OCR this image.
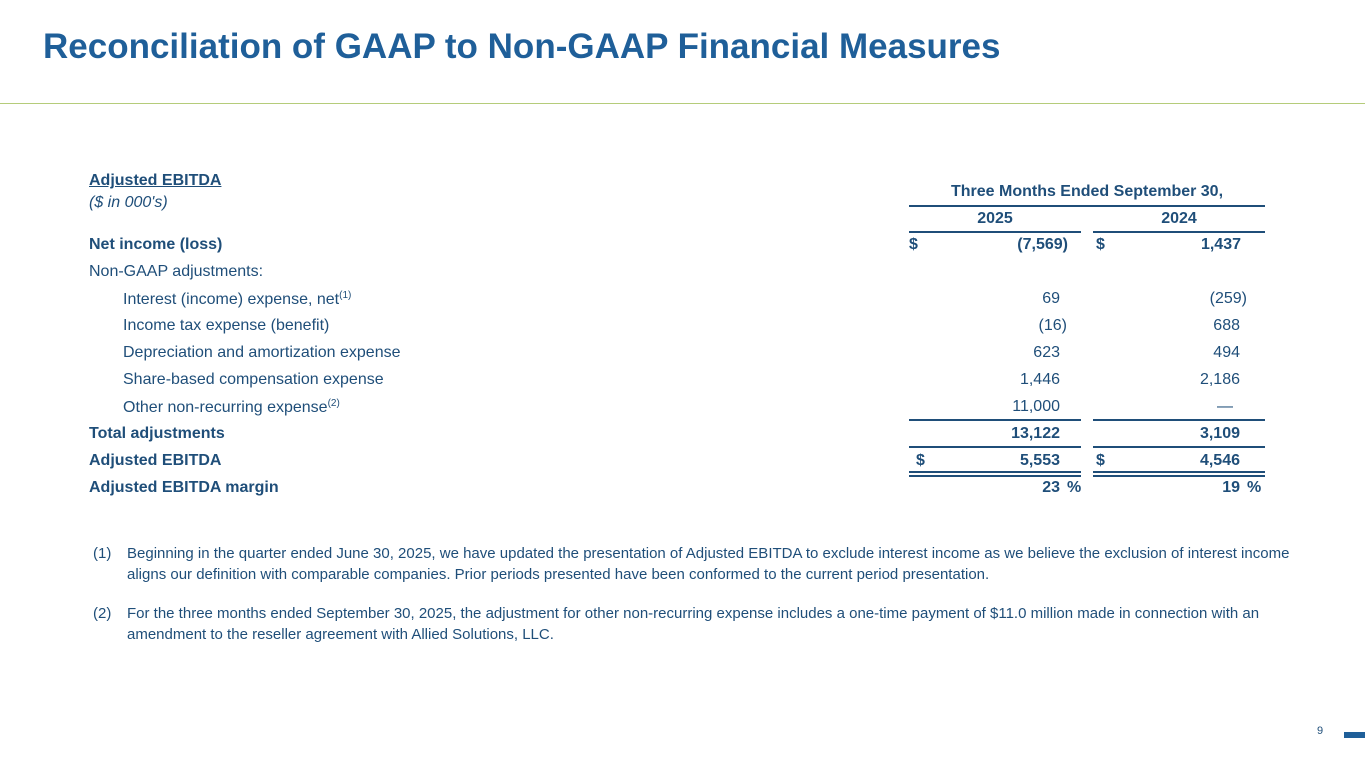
Reconciliation of GAAP to Non-GAAP Financial Measures
Adjusted EBITDA
($ in 000's)
Three Months Ended September 30,
2025	2024
Net income (loss)	$	(7,569) $	1,437
Non-GAAP adjustments:
Interest (income) expense, net$^{(1)}$	69	(259)
Income tax expense (benefit)	(16)	688
Depreciation and amortization expense	623	494
Share-based compensation expense	1,446	2,186
Other non-recurring expense$^{(2)}$	11,000	—
Total adjustments	13,122	3,109
Adjusted EBITDA	$	5,553 $	4,546
Adjusted EBITDA margin	23 %	19 %
(1) Beginning in the quarter ended June 30, 2025, we have updated the presentation of Adjusted EBITDA to exclude interest income as we believe the exclusion of interest income aligns our definition with comparable companies. Prior periods presented have been conformed to the current period presentation.
(2) For the three months ended September 30, 2025, the adjustment for other non-recurring expense includes a one-time payment of $11.0 million made in connection with an amendment to the reseller agreement with Allied Solutions, LLC.
9
